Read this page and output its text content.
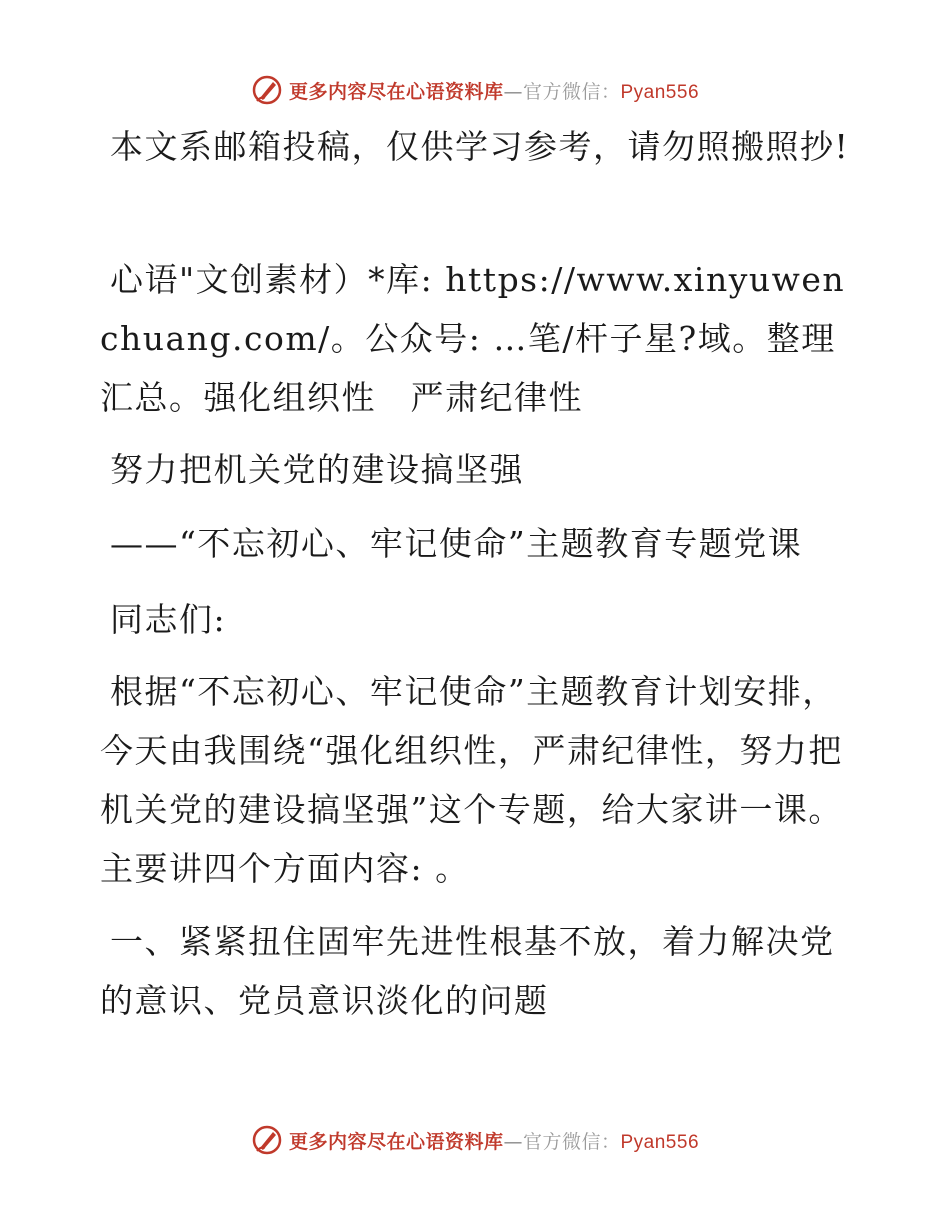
更多内容尽在心语资料库—官方微信：Pyan556
本文系邮箱投稿，仅供学习参考，请勿照搬照抄!
心语"文创素材）*库: https://www.xinyuwenchuang.com/。公众号: …笔/杆子星?域。整理汇总。强化组织性　严肃纪律性
努力把机关党的建设搞坚强
——“不忘初心、牢记使命”主题教育专题党课
同志们:
根据“不忘初心、牢记使命”主题教育计划安排，今天由我围绕“强化组织性，严肃纪律性，努力把机关党的建设搞坚强”这个专题，给大家讲一课。主要讲四个方面内容: 。
一、紧紧扭住固牢先进性根基不放，着力解决党的意识、党员意识淡化的问题
更多内容尽在心语资料库—官方微信：Pyan556
